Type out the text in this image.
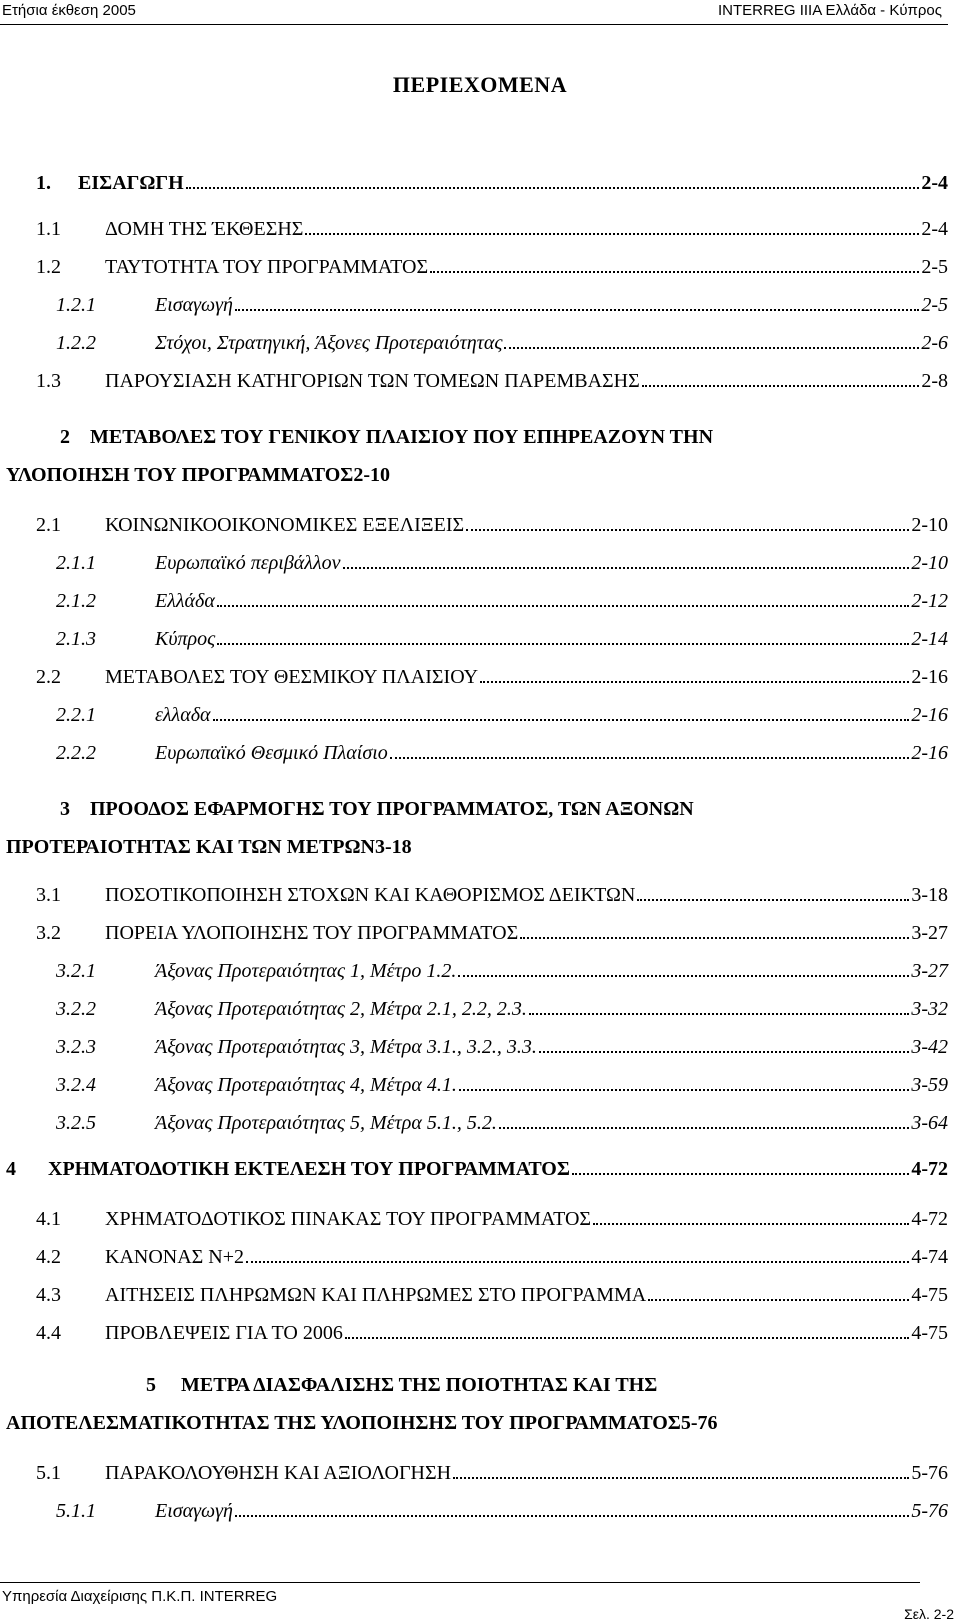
Ετήσια έκθεση 2005	INTERREG IIIA Ελλάδα - Κύπρος
ΠΕΡΙΕΧΟΜΕΝΑ
1. ΕΙΣΑΓΩΓΗ	2-4
1.1 ΔΟΜΗ ΤΗΣ ΈΚΘΕΣΗΣ	2-4
1.2 ΤΑΥΤΟΤΗΤΑ ΤΟΥ ΠΡΟΓΡΑΜΜΑΤΟΣ	2-5
1.2.1	Εισαγωγή	2-5
1.2.2	Στόχοι, Στρατηγική, Άξονες Προτεραιότητας	2-6
1.3 ΠΑΡΟΥΣΙΑΣΗ ΚΑΤΗΓΟΡΙΩΝ ΤΩΝ ΤΟΜΕΩΝ ΠΑΡΕΜΒΑΣΗΣ	2-8
2 ΜΕΤΑΒΟΛΕΣ ΤΟΥ ΓΕΝΙΚΟΥ ΠΛΑΙΣΙΟΥ ΠΟΥ ΕΠΗΡΕΑΖΟΥΝ ΤΗΝ
ΥΛΟΠΟΙΗΣΗ ΤΟΥ ΠΡΟΓΡΑΜΜΑΤΟΣ 2-10
2.1 ΚΟΙΝΩΝΙΚΟΟΙΚΟΝΟΜΙΚΕΣ ΕΞΕΛΙΞΕΙΣ	2-10
2.1.1	Ευρωπαϊκό περιβάλλον	2-10
2.1.2	Ελλάδα	2-12
2.1.3	Κύπρος	2-14
2.2 ΜΕΤΑΒΟΛΕΣ ΤΟΥ ΘΕΣΜΙΚΟΥ ΠΛΑΙΣΙΟΥ	2-16
2.2.1	ελλαδα	2-16
2.2.2	Ευρωπαϊκό Θεσμικό Πλαίσιο	2-16
3 ΠΡΟΟΔΟΣ ΕΦΑΡΜΟΓΗΣ ΤΟΥ ΠΡΟΓΡΑΜΜΑΤΟΣ, ΤΩΝ ΑΞΟΝΩΝ
ΠΡΟΤΕΡΑΙΟΤΗΤΑΣ ΚΑΙ ΤΩΝ ΜΕΤΡΩΝ 3-18
3.1 ΠΟΣΟΤΙΚΟΠΟΙΗΣΗ ΣΤΟΧΩΝ ΚΑΙ ΚΑΘΟΡΙΣΜΟΣ ΔΕΙΚΤΩΝ	3-18
3.2 ΠΟΡΕΙΑ ΥΛΟΠΟΙΗΣΗΣ ΤΟΥ ΠΡΟΓΡΑΜΜΑΤΟΣ	3-27
3.2.1	Άξονας Προτεραιότητας 1, Μέτρο 1.2.	3-27
3.2.2	Άξονας Προτεραιότητας 2, Μέτρα 2.1, 2.2, 2.3.	3-32
3.2.3	Άξονας Προτεραιότητας 3, Μέτρα 3.1., 3.2., 3.3.	3-42
3.2.4	Άξονας Προτεραιότητας 4, Μέτρα 4.1.	3-59
3.2.5	Άξονας Προτεραιότητας 5, Μέτρα 5.1., 5.2.	3-64
4 ΧΡΗΜΑΤΟΔΟΤΙΚΗ ΕΚΤΕΛΕΣΗ ΤΟΥ ΠΡΟΓΡΑΜΜΑΤΟΣ	4-72
4.1 ΧΡΗΜΑΤΟΔΟΤΙΚΟΣ ΠΙΝΑΚΑΣ ΤΟΥ ΠΡΟΓΡΑΜΜΑΤΟΣ	4-72
4.2 ΚΑΝΟΝΑΣ Ν+2	4-74
4.3 ΑΙΤΗΣΕΙΣ ΠΛΗΡΩΜΩΝ ΚΑΙ ΠΛΗΡΩΜΕΣ ΣΤΟ ΠΡΟΓΡΑΜΜΑ	4-75
4.4 ΠΡΟΒΛΕΨΕΙΣ ΓΙΑ ΤΟ 2006	4-75
5 ΜΕΤΡΑ ΔΙΑΣΦΑΛΙΣΗΣ ΤΗΣ ΠΟΙΟΤΗΤΑΣ ΚΑΙ ΤΗΣ
ΑΠΟΤΕΛΕΣΜΑΤΙΚΟΤΗΤΑΣ ΤΗΣ ΥΛΟΠΟΙΗΣΗΣ ΤΟΥ ΠΡΟΓΡΑΜΜΑΤΟΣ 5-76
5.1 ΠΑΡΑΚΟΛΟΥΘΗΣΗ ΚΑΙ ΑΞΙΟΛΟΓΗΣΗ	5-76
5.1.1	Εισαγωγή	5-76
Υπηρεσία Διαχείρισης Π.Κ.Π. INTERREG
Σελ. 2-2
